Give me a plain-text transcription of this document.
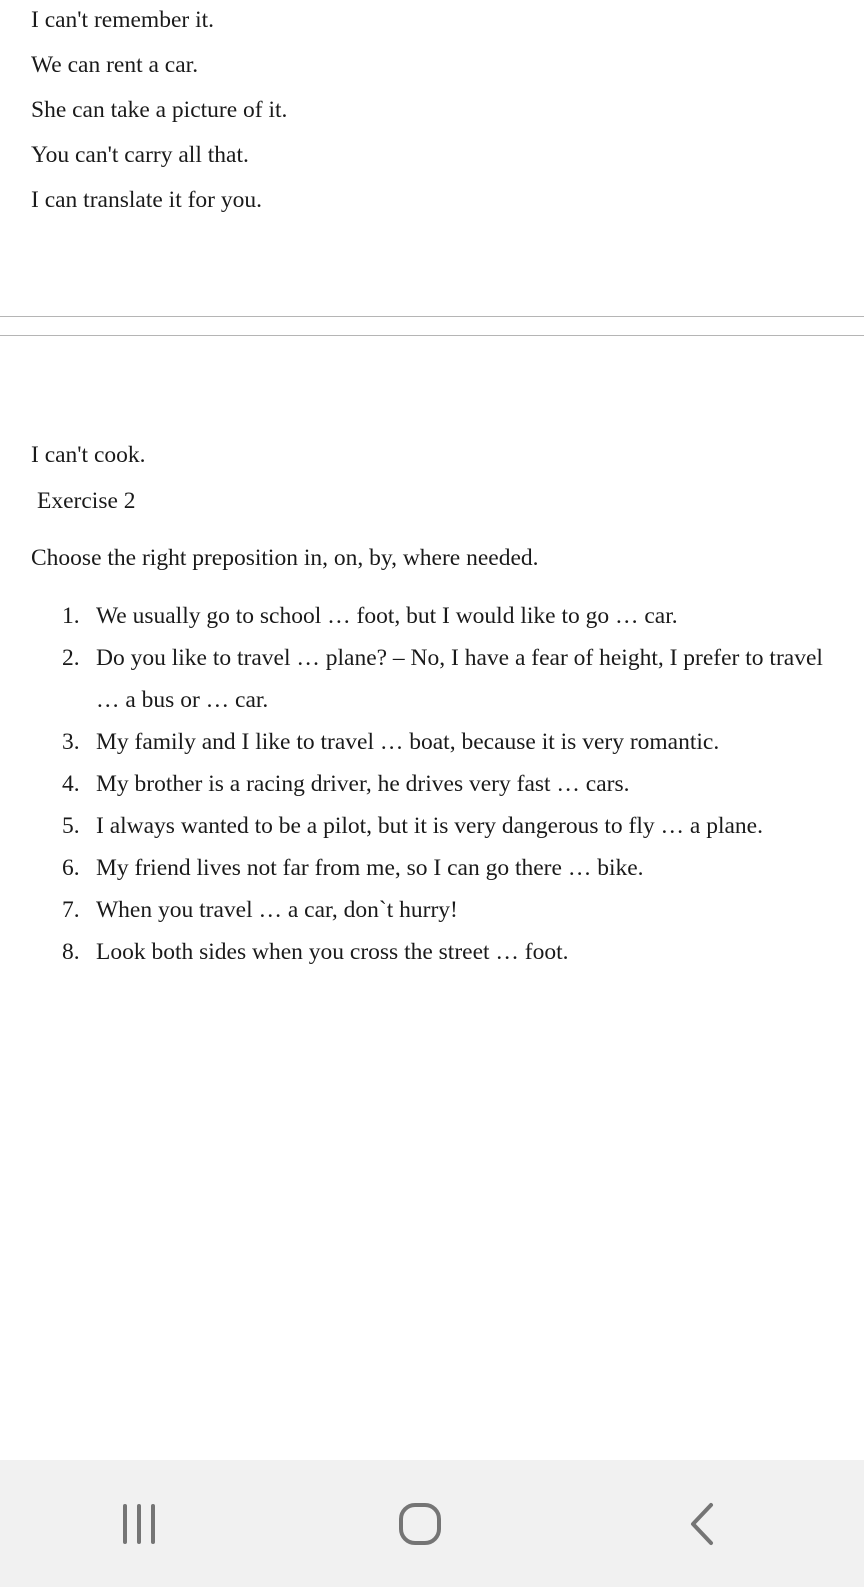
I can't remember it.
We can rent a car.
She can take a picture of it.
You can't carry all that.
I can translate it for you.
I can't cook.
Exercise 2
Choose the right preposition in, on, by, where needed.
1. We usually go to school … foot, but I would like to go … car.
2. Do you like to travel … plane? – No, I have a fear of height, I prefer to travel … a bus or … car.
3. My family and I like to travel … boat, because it is very romantic.
4. My brother is a racing driver, he drives very fast … cars.
5. I always wanted to be a pilot, but it is very dangerous to fly … a plane.
6. My friend lives not far from me, so I can go there … bike.
7. When you travel … a car, don`t hurry!
8. Look both sides when you cross the street … foot.
